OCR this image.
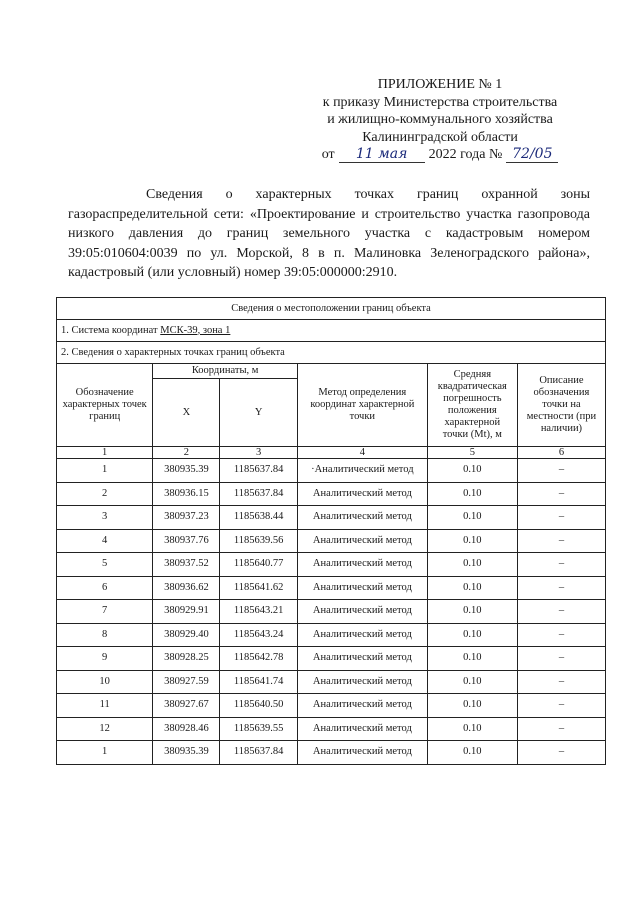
ПРИЛОЖЕНИЕ № 1
к приказу Министерства строительства
и жилищно-коммунального хозяйства
Калининградской области
от	11 мая	2022 года № 72/05
Сведения о характерных точках границ охранной зоны газораспределительной сети: «Проектирование и строительство участка газопровода низкого давления до границ земельного участка с кадастровым номером 39:05:010604:0039 по ул. Морской, 8 в п. Малиновка Зеленоградского района», кадастровый (или условный) номер 39:05:000000:2910.
Сведения о местоположении границ объекта					
1. Система координат МСК-39, зона 1					
2. Сведения о характерных точках границ объекта					
Обозначение характерных точек границ	Координаты, м		Метод определения координат характерной точки	Средняя квадратическая погрешность положения характерной точки (Mt), м	Описание обозначения точки на местности (при наличии)
	X	Y			
1	2	3	4	5	6
1	380935.39	1185637.84	·Аналитический метод	0.10	–
2	380936.15	1185637.84	Аналитический метод	0.10	–
3	380937.23	1185638.44	Аналитический метод	0.10	–
4	380937.76	1185639.56	Аналитический метод	0.10	–
5	380937.52	1185640.77	Аналитический метод	0.10	–
6	380936.62	1185641.62	Аналитический метод	0.10	–
7	380929.91	1185643.21	Аналитический метод	0.10	–
8	380929.40	1185643.24	Аналитический метод	0.10	–
9	380928.25	1185642.78	Аналитический метод	0.10	–
10	380927.59	1185641.74	Аналитический метод	0.10	–
11	380927.67	1185640.50	Аналитический метод	0.10	–
12	380928.46	1185639.55	Аналитический метод	0.10	–
1	380935.39	1185637.84	Аналитический метод	0.10	–
